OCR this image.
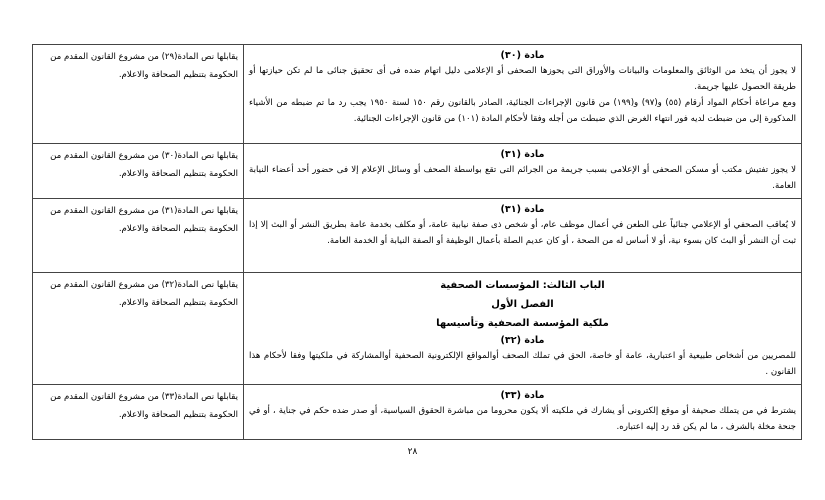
مادة (٣٠)

لا يجوز أن يتخذ من الوثائق والمعلومات والبيانات والأوراق التى يحوزها الصحفى أو الإعلامى دليل اتهام ضده فى أى تحقيق جنائى ما لم تكن حيازتها أو طريقة الحصول عليها جريمة.

ومع مراعاة أحكام المواد أرقام (٥٥) و(٩٧) و(١٩٩) من قانون الإجراءات الجنائية، الصادر بالقانون رقم ١٥٠ لسنة ١٩٥٠ يجب رد ما تم ضبطه من الأشياء المذكورة إلى من ضبطت لديه فور انتهاء الغرض الذي ضبطت من أجله وفقا لأحكام المادة (١٠١) من قانون الإجراءات الجنائية.	يقابلها نص المادة(٢٩) من مشروع القانون المقدم من الحكومة بتنظيم الصحافة والاعلام.

مادة (٣١)

لا يجوز تفتيش مكتب أو مسكن الصحفى أو الإعلامى بسبب جريمة من الجرائم التى تقع بواسطة الصحف أو وسائل الإعلام إلا فى حضور أحد أعضاء النيابة العامة.	يقابلها نص المادة(٣٠) من مشروع القانون المقدم من الحكومة بتنظيم الصحافة والاعلام.

مادة (٣١)

لا يُعاقب الصحفي أو الإعلامي جنائياً على الطعن في أعمال موظف عام، أو شخص ذى صفة نيابية عامة، أو مكلف بخدمة عامة بطريق النشر أو البث إلا إذا ثبت أن النشر أو البث كان بسوء نية، أو لا أساس له من الصحة ، أو كان عديم الصلة بأعمال الوظيفة أو الصفة النيابة أو الخدمة العامة.	يقابلها نص المادة(٣١) من مشروع القانون المقدم من الحكومة بتنظيم الصحافة والاعلام.

الباب الثالث: المؤسسات الصحفية
الفصل الأول
ملكية المؤسسة الصحفية وتأسيسها
مادة (٣٢)

للمصريين من أشخاص طبيعية أو اعتبارية، عامة أو خاصة، الحق في تملك الصحف أوالمواقع الإلكترونية الصحفية أوالمشاركة في ملكيتها وفقا لأحكام هذا القانون .	يقابلها نص المادة(٣٢) من مشروع القانون المقدم من الحكومة بتنظيم الصحافة والاعلام.

مادة (٣٣)

يشترط في من يتملك صحيفة أو موقع إلكترونى أو يشارك في ملكيته ألا يكون محروما من مباشرة الحقوق السياسية، أو صدر ضده حكم في جناية ، أو في جنحة مخلة بالشرف ، ما لم يكن قد رد إليه اعتباره.	يقابلها نص المادة(٣٣) من مشروع القانون المقدم من الحكومة بتنظيم الصحافة والاعلام.
٢٨
